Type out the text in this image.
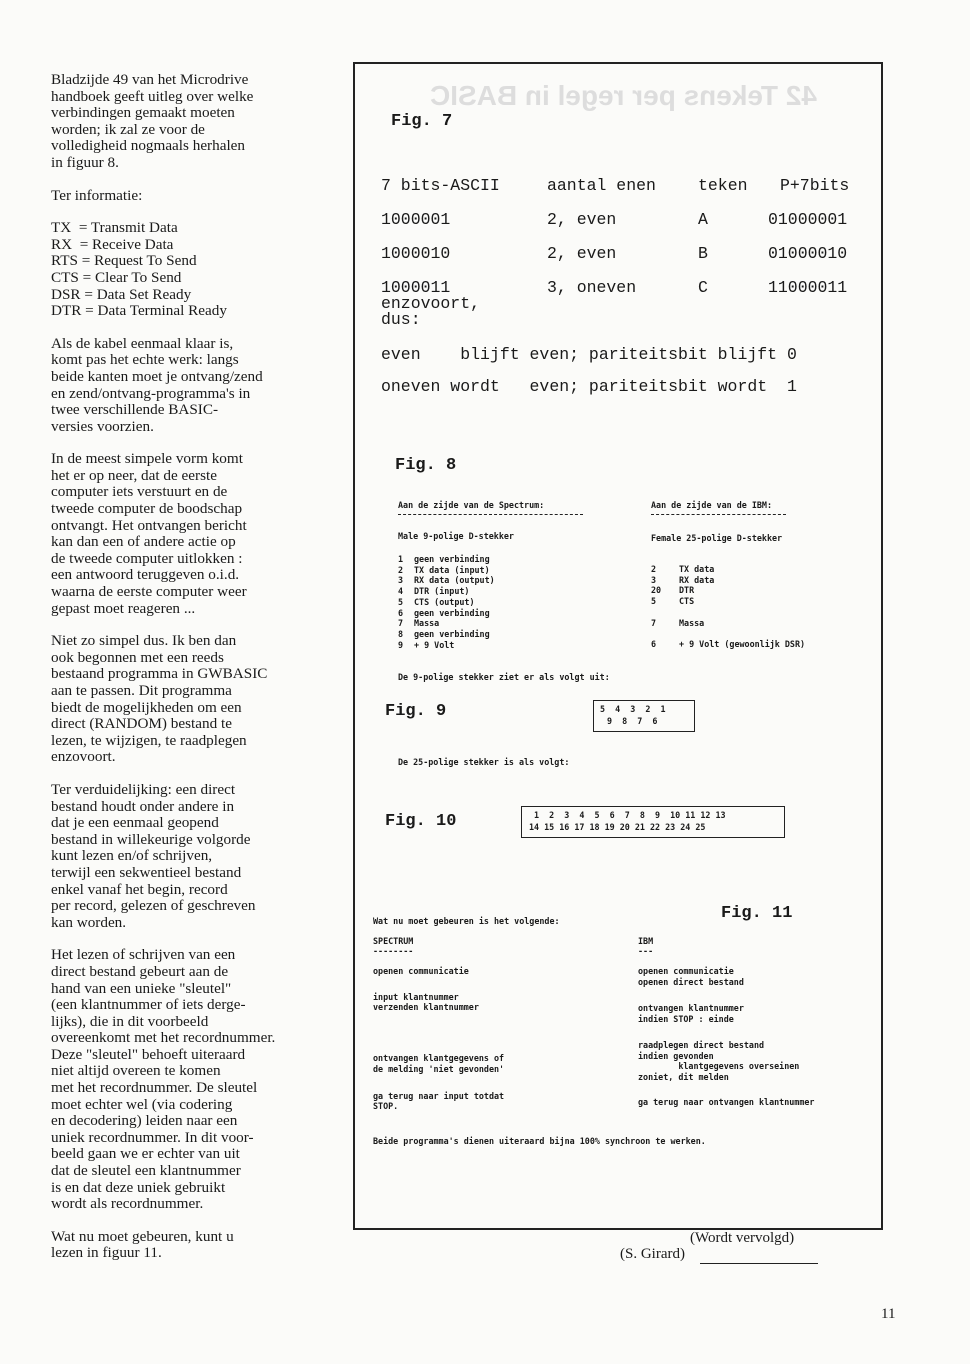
42 Tekens per regel in BASIC

Bladzijde 49 van het Microdrive
handboek geeft uitleg over welke
verbindingen gemaakt moeten
worden; ik zal ze voor de
volledigheid nogmaals herhalen
in figuur 8.

Ter informatie:

TX  = Transmit Data
RX  = Receive Data
RTS = Request To Send
CTS = Clear To Send
DSR = Data Set Ready
DTR = Data Terminal Ready

Als de kabel eenmaal klaar is,
komt pas het echte werk: langs
beide kanten moet je ontvang/zend
en zend/ontvang-programma's in
twee verschillende BASIC-
versies voorzien.

In de meest simpele vorm komt
het er op neer, dat de eerste
computer iets verstuurt en de
tweede computer de boodschap
ontvangt. Het ontvangen bericht
kan dan een of andere actie op
de tweede computer uitlokken :
een antwoord teruggeven o.i.d.
waarna de eerste computer weer
gepast moet reageren ...

Niet zo simpel dus. Ik ben dan
ook begonnen met een reeds
bestaand programma in GWBASIC
aan te passen. Dit programma
biedt de mogelijkheden om een
direct (RANDOM) bestand te
lezen, te wijzigen, te raadplegen
enzovoort.

Ter verduidelijking: een direct
bestand houdt onder andere in
dat je een eenmaal geopend
bestand in willekeurige volgorde
kunt lezen en/of schrijven,
terwijl een sekwentieel bestand
enkel vanaf het begin, record
per record, gelezen of geschreven
kan worden.

Het lezen of schrijven van een
direct bestand gebeurt aan de
hand van een unieke "sleutel"
(een klantnummer of iets derge-
lijks), die in dit voorbeeld
overeenkomt met het recordnummer.
Deze "sleutel" behoeft uiteraard
niet altijd overeen te komen
met het recordnummer. De sleutel
moet echter wel (via codering
en decodering) leiden naar een
uniek recordnummer. In dit voor-
beeld gaan we er echter van uit
dat de sleutel een klantnummer
is en dat deze uniek gebruikt
wordt als recordnummer.

Wat nu moet gebeuren, kunt u
lezen in figuur 11.

Fig. 7
7 bits-ASCII	aantal enen	teken P+7bits
1000001	2, even	A	01000001
1000010	2, even	B	01000010
1000011	3, oneven	C	11000011
enzovoort,
dus:
even    blijft even; pariteitsbit blijft 0
oneven wordt   even; pariteitsbit wordt  1
Fig. 8
Aan de zijde van de Spectrum:
Male 9-polige D-stekker
1 geen verbinding
2 TX data (input)
3 RX data (output)
4 DTR (input)
5 CTS (output)
6 geen verbinding
7 Massa
8 geen verbinding
9 + 9 Volt
Aan de zijde van de IBM:
Female 25-polige D-stekker
2	TX data
3	RX data
20 DTR
5	CTS
7	Massa
6	+ 9 Volt (gewoonlijk DSR)
De 9-polige stekker ziet er als volgt uit:
Fig. 9	5  4  3  2  1
9  8  7  6
De 25-polige stekker is als volgt:
Fig. 10	1  2  3  4  5  6  7  8  9  10 11 12 13
14 15 16 17 18 19 20 21 22 23 24 25
Wat nu moet gebeuren is het volgende:	Fig. 11
SPECTRUM
--------
openen communicatie
input klantnummer
verzenden klantnummer
ontvangen klantgegevens of
de melding 'niet gevonden'
ga terug naar input totdat
STOP.
IBM
---
openen communicatie
openen direct bestand
ontvangen klantnummer
indien STOP : einde
raadplegen direct bestand
indien gevonden
klantgegevens overseinen
zoniet, dit melden
ga terug naar ontvangen klantnummer
Beide programma's dienen uiteraard bijna 100% synchroon te werken.
(Wordt vervolgd)
(S. Girard)
11
